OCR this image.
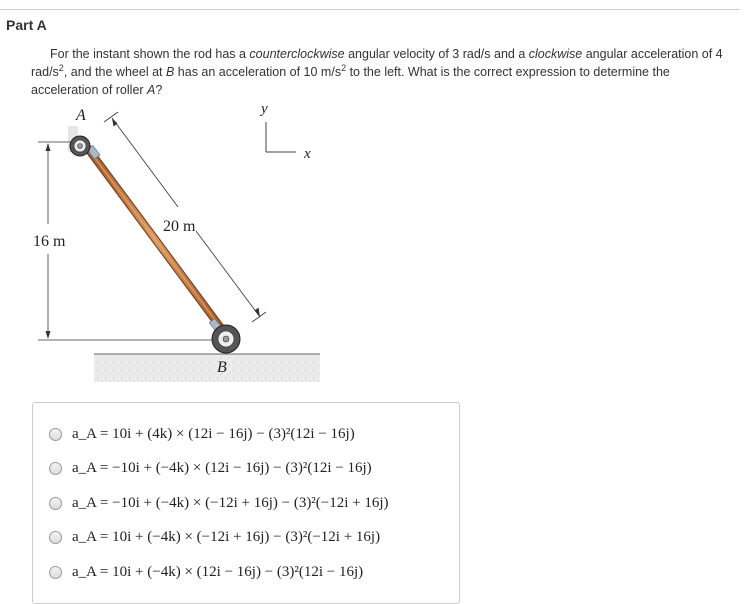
Part A
For the instant shown the rod has a counterclockwise angular velocity of 3 rad/s and a clockwise angular acceleration of 4 rad/$s^2$, and the wheel at B has an acceleration of 10 $m/s^2$ to the left. What is the correct expression to determine the acceleration of roller A?
16 m
20 m
A
B
y
x
a_A = 10i + (4k) × (12i − 16j) − (3)²(12i − 16j)
a_A = −10i + (−4k) × (12i − 16j) − (3)²(12i − 16j)
a_A = −10i + (−4k) × (−12i + 16j) − (3)²(−12i + 16j)
a_A = 10i + (−4k) × (−12i + 16j) − (3)²(−12i + 16j)
a_A = 10i + (−4k) × (12i − 16j) − (3)²(12i − 16j)
